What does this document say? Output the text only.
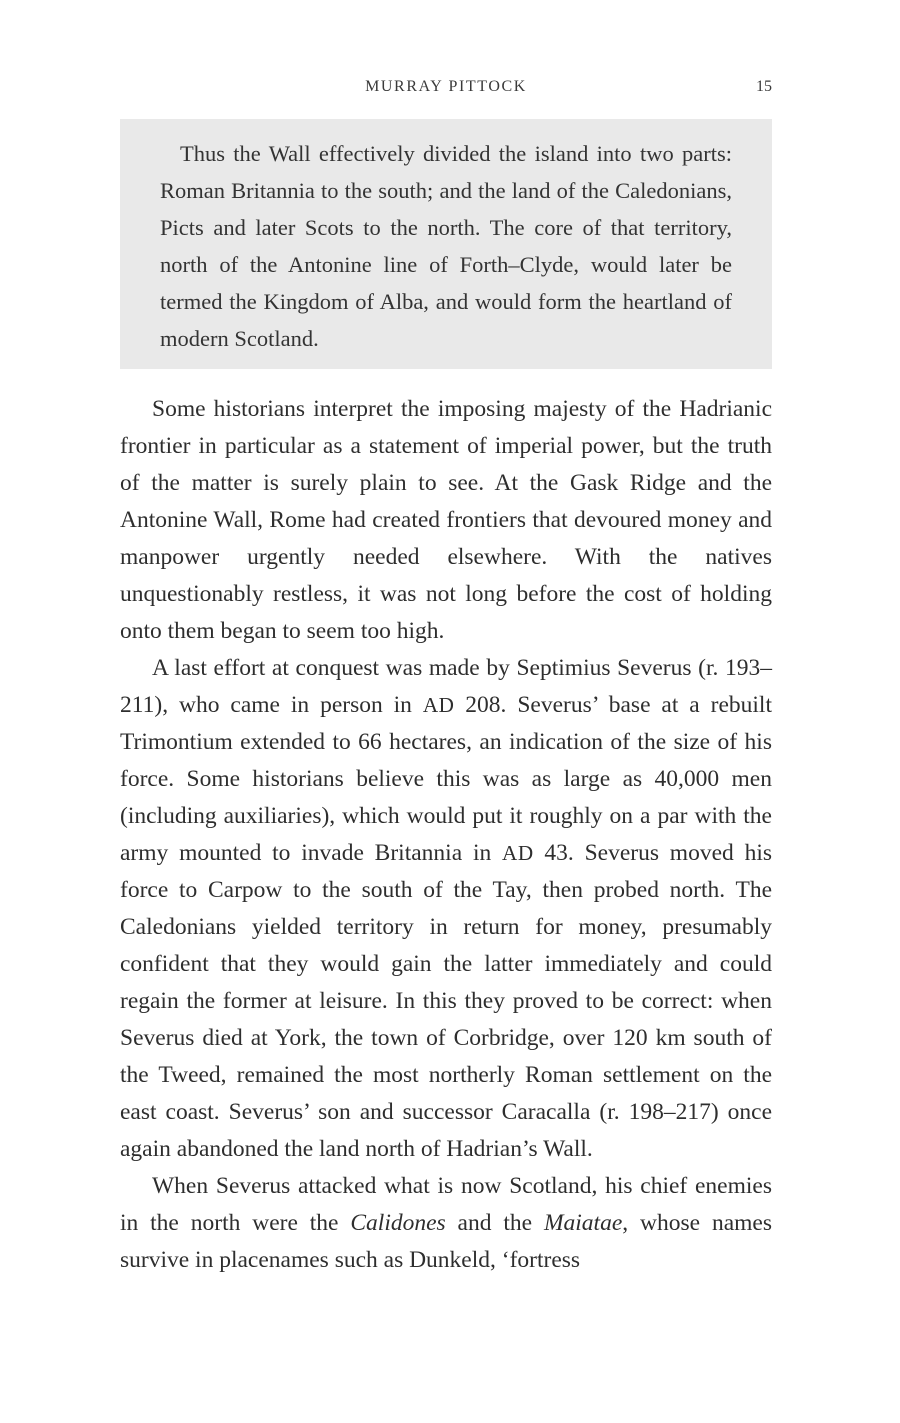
MURRAY PITTOCK	15

Thus the Wall effectively divided the island into two parts: Roman Britannia to the south; and the land of the Caledonians, Picts and later Scots to the north. The core of that territory, north of the Antonine line of Forth–Clyde, would later be termed the Kingdom of Alba, and would form the heartland of modern Scotland.

Some historians interpret the imposing majesty of the Hadrianic frontier in particular as a statement of imperial power, but the truth of the matter is surely plain to see. At the Gask Ridge and the Antonine Wall, Rome had created frontiers that devoured money and manpower urgently needed elsewhere. With the natives unquestionably restless, it was not long before the cost of holding onto them began to seem too high.

A last effort at conquest was made by Septimius Severus (r. 193–211), who came in person in AD 208. Severus’ base at a rebuilt Trimontium extended to 66 hectares, an indication of the size of his force. Some historians believe this was as large as 40,000 men (including auxiliaries), which would put it roughly on a par with the army mounted to invade Britannia in AD 43. Severus moved his force to Carpow to the south of the Tay, then probed north. The Caledonians yielded territory in return for money, presumably confident that they would gain the latter immediately and could regain the former at leisure. In this they proved to be correct: when Severus died at York, the town of Corbridge, over 120 km south of the Tweed, remained the most northerly Roman settlement on the east coast. Severus’ son and successor Caracalla (r. 198–217) once again abandoned the land north of Hadrian’s Wall.

When Severus attacked what is now Scotland, his chief enemies in the north were the Calidones and the Maiatae, whose names survive in placenames such as Dunkeld, ‘fortress
